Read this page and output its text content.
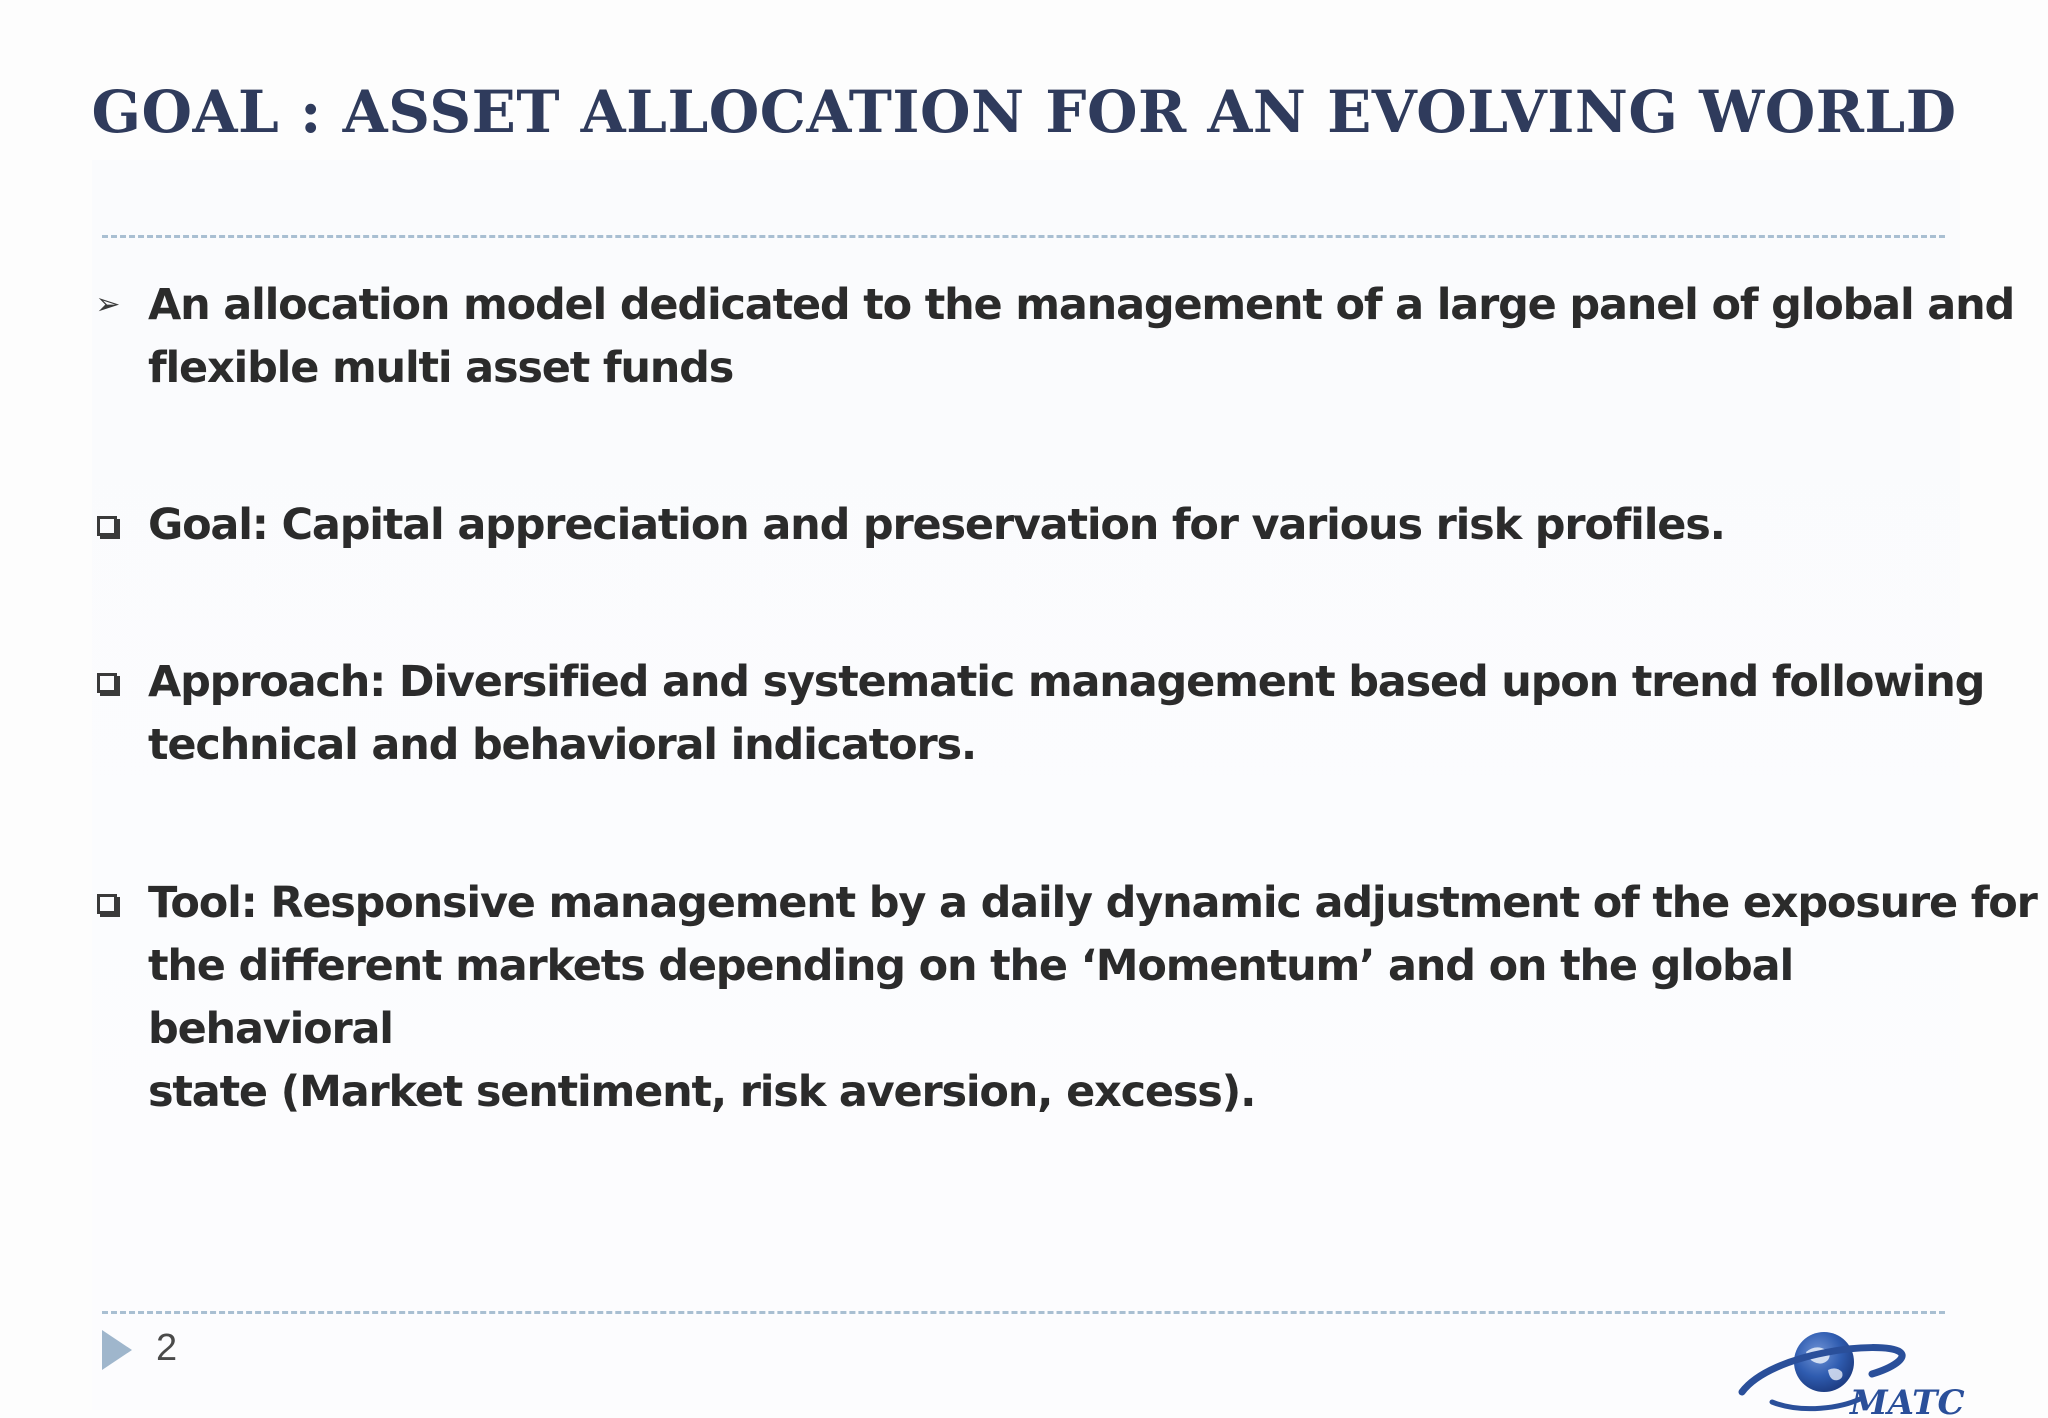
GOAL : ASSET ALLOCATION FOR AN EVOLVING WORLD
➢ An allocation model dedicated to the management of a large panel of global and
flexible multi asset funds
Goal: Capital appreciation and preservation for various risk profiles.
Approach: Diversified and systematic management based upon trend following
technical and behavioral indicators.
Tool: Responsive management by a daily dynamic adjustment of the exposure for
the different markets depending on the ‘Momentum’ and on the global behavioral
state (Market sentiment, risk aversion, excess).
2
MATC
